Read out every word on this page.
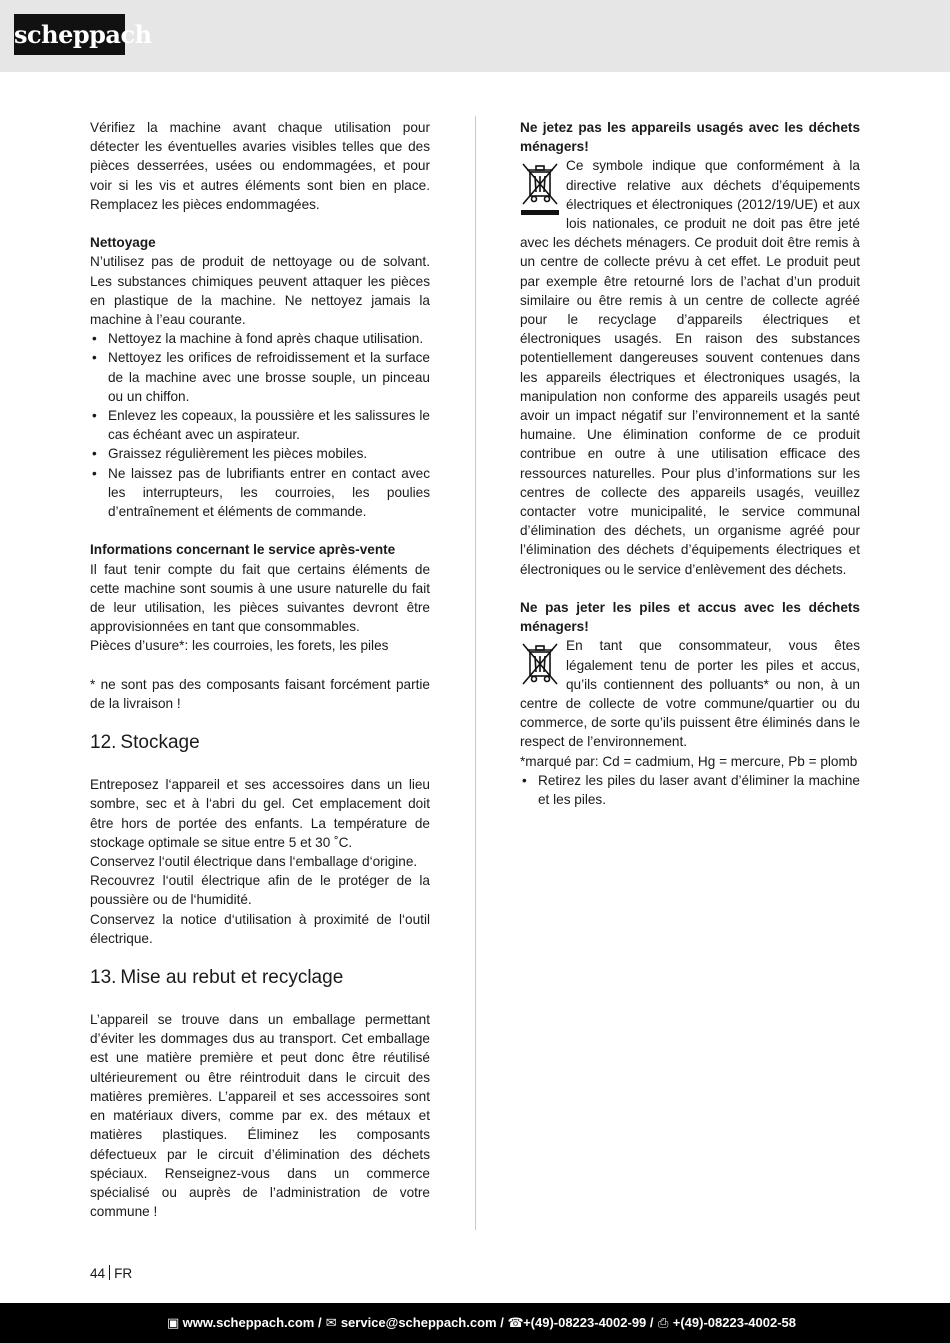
scheppach

Vérifiez la machine avant chaque utilisation pour détecter les éventuelles avaries visibles telles que des pièces desserrées, usées ou endommagées, et pour voir si les vis et autres éléments sont bien en place. Remplacez les pièces endommagées.

Nettoyage

N’utilisez pas de produit de nettoyage ou de solvant. Les substances chimiques peuvent attaquer les pièces en plastique de la machine. Ne nettoyez jamais la machine à l’eau courante.

• Nettoyez la machine à fond après chaque utilisation.
• Nettoyez les orifices de refroidissement et la surface de la machine avec une brosse souple, un pinceau ou un chiffon.
• Enlevez les copeaux, la poussière et les salissures le cas échéant avec un aspirateur.
• Graissez régulièrement les pièces mobiles.
• Ne laissez pas de lubrifiants entrer en contact avec les interrupteurs, les courroies, les poulies d’entraînement et éléments de commande.

Informations concernant le service après-vente

Il faut tenir compte du fait que certains éléments de cette machine sont soumis à une usure naturelle du fait de leur utilisation, les pièces suivantes devront être approvisionnées en tant que consommables.

Pièces d’usure*: les courroies, les forets, les piles

* ne sont pas des composants faisant forcément partie de la livraison !

12. Stockage

Entreposez l‘appareil et ses accessoires dans un lieu sombre, sec et à l‘abri du gel. Cet emplacement doit être hors de portée des enfants. La température de stockage optimale se situe entre 5 et 30 ˚C.

Conservez l‘outil électrique dans l‘emballage d‘origine.

Recouvrez l‘outil électrique afin de le protéger de la poussière ou de l‘humidité.

Conservez la notice d‘utilisation à proximité de l‘outil électrique.

13. Mise au rebut et recyclage

L’appareil se trouve dans un emballage permettant d’éviter les dommages dus au transport. Cet emballage est une matière première et peut donc être réutilisé ultérieurement ou être réintroduit dans le circuit des matières premières. L’appareil et ses accessoires sont en matériaux divers, comme par ex. des métaux et matières plastiques. Éliminez les composants défectueux par le circuit d’élimination des déchets spéciaux. Renseignez-vous dans un commerce spécialisé ou auprès de l’administration de votre commune !

Ne jetez pas les appareils usagés avec les déchets ménagers!

Ce symbole indique que conformément à la directive relative aux déchets d’équipements électriques et électroniques (2012/19/UE) et aux lois nationales, ce produit ne doit pas être jeté avec les déchets ménagers. Ce produit doit être remis à un centre de collecte prévu à cet effet. Le produit peut par exemple être retourné lors de l’achat d’un produit similaire ou être remis à un centre de collecte agréé pour le recyclage d’appareils électriques et électroniques usagés. En raison des substances potentiellement dangereuses souvent contenues dans les appareils électriques et électroniques usagés, la manipulation non conforme des appareils usagés peut avoir un impact négatif sur l’environnement et la santé humaine. Une élimination conforme de ce produit contribue en outre à une utilisation efficace des ressources naturelles. Pour plus d’informations sur les centres de collecte des appareils usagés, veuillez contacter votre municipalité, le service communal d’élimination des déchets, un organisme agréé pour l’élimination des déchets d’équipements électriques et électroniques ou le service d’enlèvement des déchets.

Ne pas jeter les piles et accus avec les déchets ménagers!

En tant que consommateur, vous êtes légalement tenu de porter les piles et accus, qu’ils contiennent des polluants* ou non, à un centre de collecte de votre commune/quartier ou du commerce, de sorte qu’ils puissent être éliminés dans le respect de l’environnement.

*marqué par: Cd = cadmium, Hg = mercure, Pb = plomb

• Retirez les piles du laser avant d’éliminer la machine et les piles.
44 FR
▣ www.scheppach.com / ✉ service@scheppach.com / ☎ +(49)-08223-4002-99 / ⎙ +(49)-08223-4002-58
